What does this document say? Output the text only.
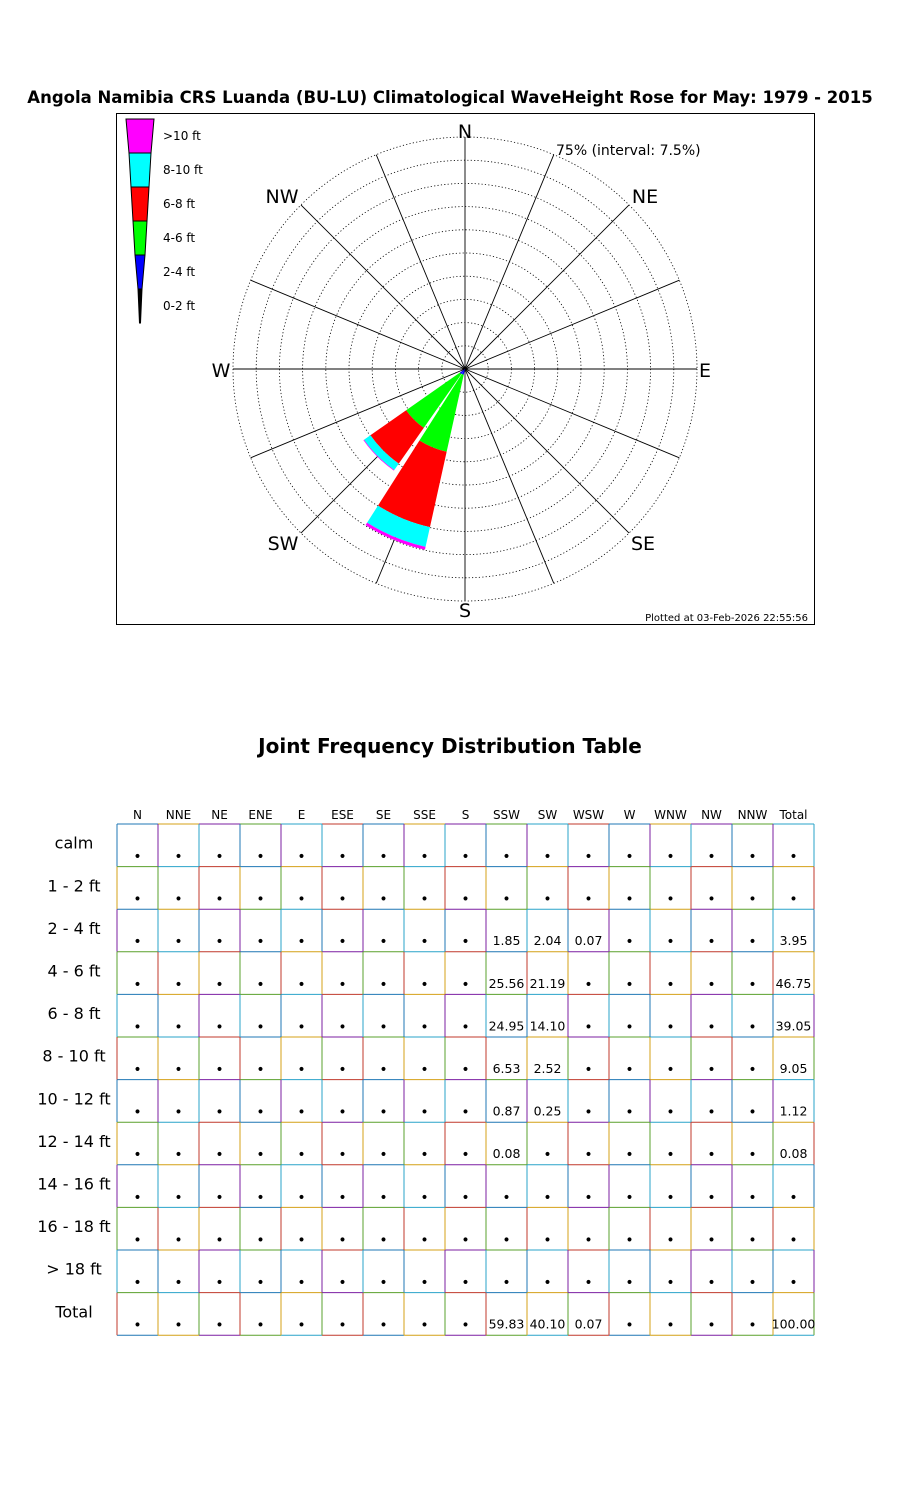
Angola Namibia CRS Luanda (BU-LU) Climatological WaveHeight Rose for May: 1979 - 2015
N
NE
E
SE
S
SW
W
NW
75% (interval: 7.5%)
Plotted at 03-Feb-2026 22:55:56
>10 ft
8-10 ft
6-8 ft
4-6 ft
2-4 ft
0-2 ft
Joint Frequency Distribution Table
N NNE NE ENE E ESE SE SSE S SSW SW WSW W WNW NW NNW Total
calm
1 - 2 ft
2 - 4 ft
4 - 6 ft
6 - 8 ft
8 - 10 ft
10 - 12 ft
12 - 14 ft
14 - 16 ft
16 - 18 ft
> 18 ft
Total
• • • • • • • • • • • • • • • • •
• • • • • • • • • • • • • • • • •
• • • • • • • • • 1.85 2.04 0.07 • • • • 3.95
• • • • • • • • • 25.56 21.19 • • • • • 46.75
• • • • • • • • • 24.95 14.10 • • • • • 39.05
• • • • • • • • • 6.53 2.52 • • • • • 9.05
• • • • • • • • • 0.87 0.25 • • • • • 1.12
• • • • • • • • • 0.08 • • • • • • 0.08
• • • • • • • • • • • • • • • • •
• • • • • • • • • • • • • • • • •
• • • • • • • • • • • • • • • • •
• • • • • • • • • 59.83 40.10 0.07 • • • • 100.00
